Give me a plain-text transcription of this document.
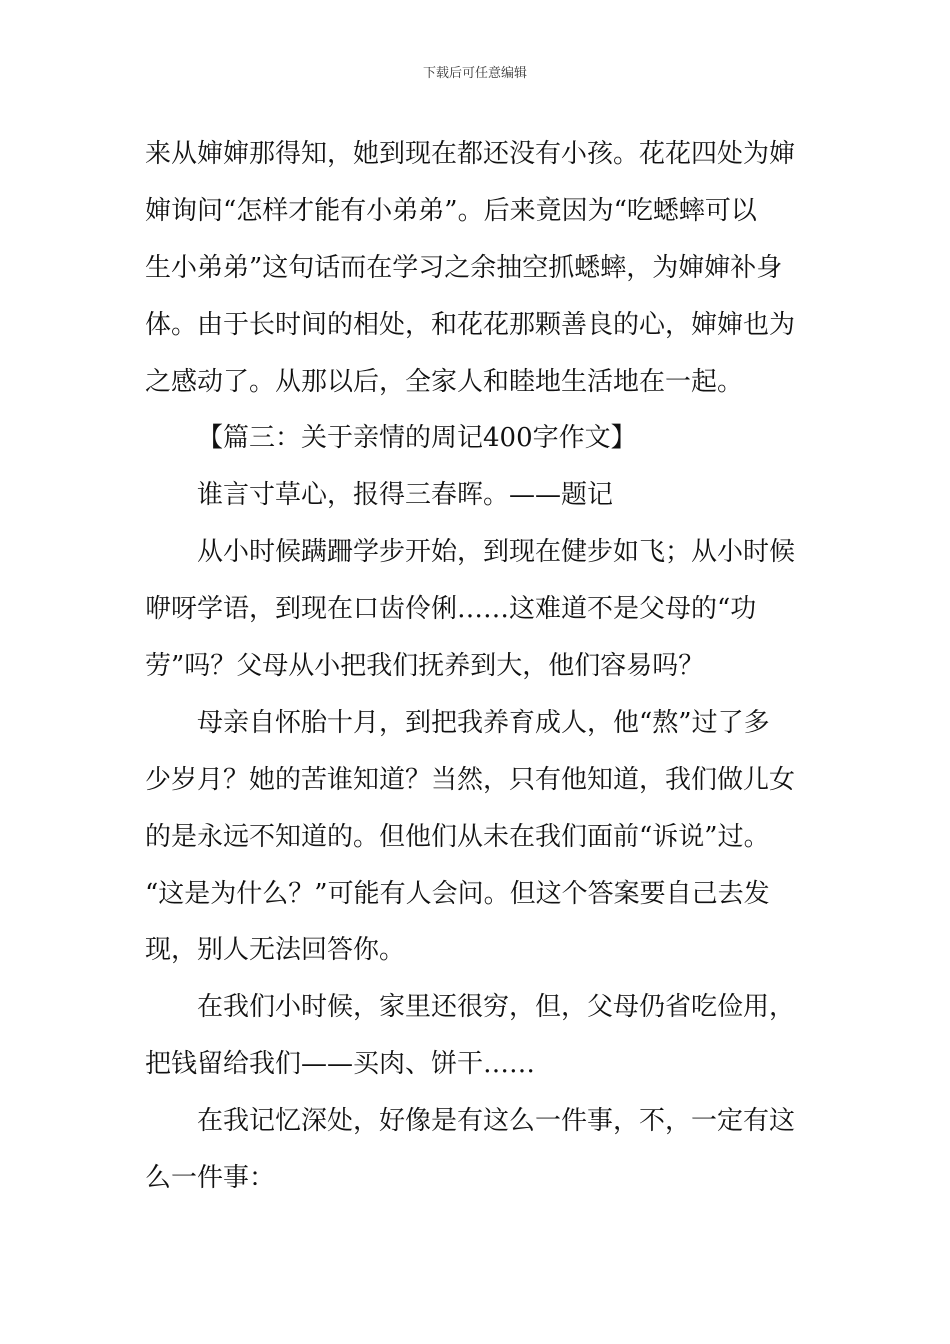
下载后可任意编辑

来从婶婶那得知，她到现在都还没有小孩。花花四处为婶

婶询问“怎样才能有小弟弟”。后来竟因为“吃蟋蟀可以

生小弟弟”这句话而在学习之余抽空抓蟋蟀，为婶婶补身

体。由于长时间的相处，和花花那颗善良的心，婶婶也为

之感动了。从那以后，全家人和睦地生活地在一起。

【篇三：关于亲情的周记400字作文】

谁言寸草心，报得三春晖。——题记

从小时候蹒跚学步开始，到现在健步如飞；从小时候

咿呀学语，到现在口齿伶俐……这难道不是父母的“功

劳”吗？父母从小把我们抚养到大，他们容易吗？

母亲自怀胎十月，到把我养育成人，他“熬”过了多

少岁月？她的苦谁知道？当然，只有他知道，我们做儿女

的是永远不知道的。但他们从未在我们面前“诉说”过。

“这是为什么？”可能有人会问。但这个答案要自己去发

现，别人无法回答你。

在我们小时候，家里还很穷，但，父母仍省吃俭用，

把钱留给我们——买肉、饼干……

在我记忆深处，好像是有这么一件事，不，一定有这

么一件事：
